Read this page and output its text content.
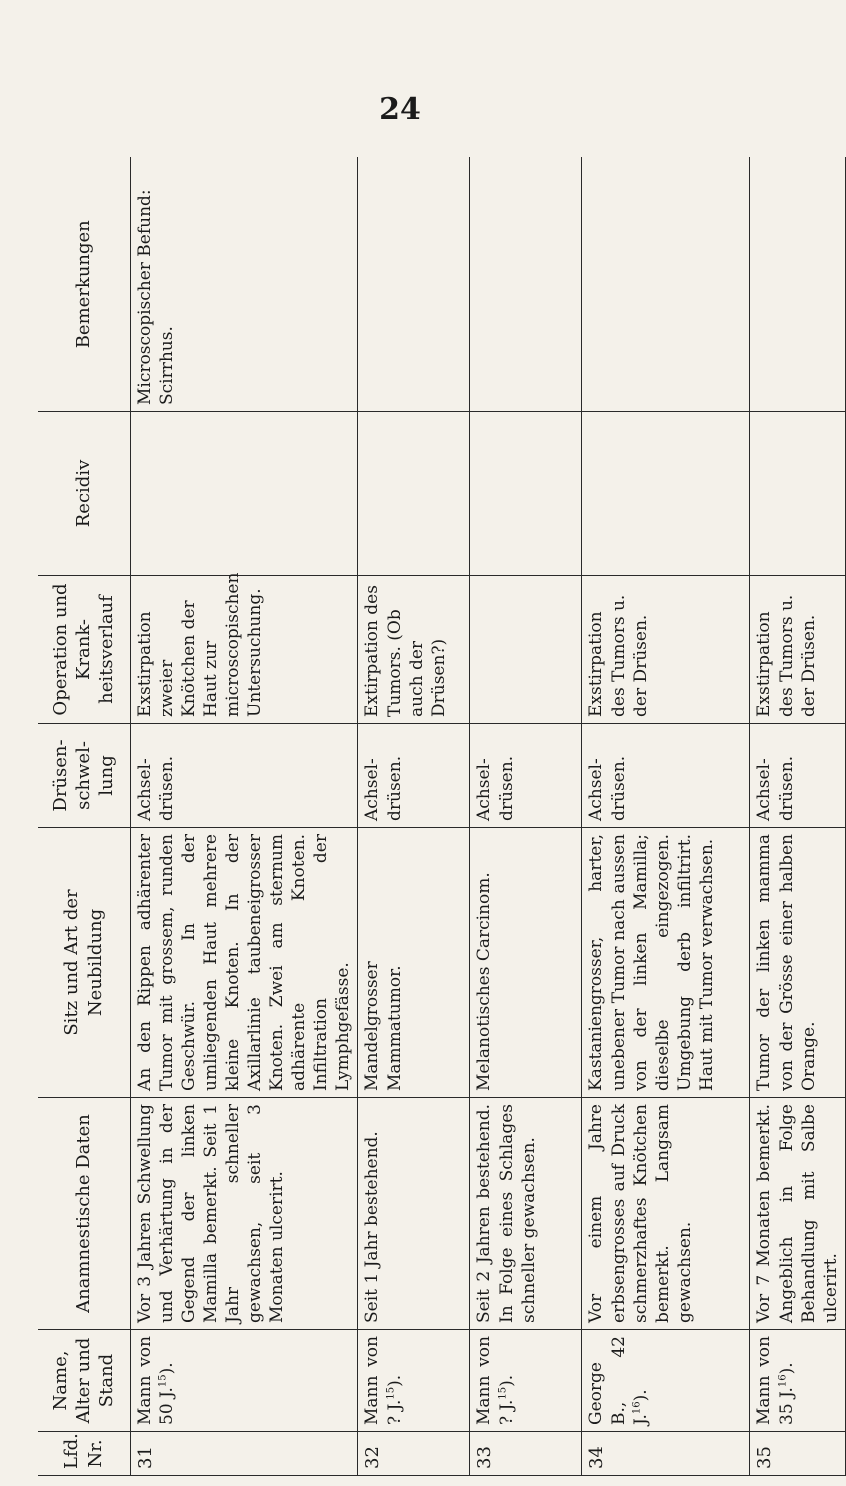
24
Lfd. Nr.	Name, Alter und Stand	Anamnestische Daten	Sitz und Art der Neubildung	Drüsen-schwel-lung	Operation und Krank-heitsverlauf	Recidiv	Bemerkungen
31	Mann von 50 J.$^{15}$).	Vor 3 Jahren Schwellung und Verhärtung in der Gegend der linken Mamilla bemerkt. Seit 1 Jahr schneller gewachsen, seit 3 Monaten ulcerirt.	An den Rippen adhärenter Tumor mit grossem, runden Geschwür. In der umliegenden Haut mehrere kleine Knoten. In der Axillarlinie taubeneigrosser Knoten. Zwei am sternum adhärente Knoten. Infiltration der Lymphgefässe.	Achsel-drüsen.	Exstirpation zweier Knötchen der Haut zur microscopischen Untersuchung.		Microscopischer Befund: Scirrhus.
32	Mann von ? J.$^{15}$).	Seit 1 Jahr bestehend.	Mandelgrosser Mammatumor.	Achsel-drüsen.	Extirpation des Tumors. (Ob auch der Drüsen?)		
33	Mann von ? J.$^{15}$).	Seit 2 Jahren bestehend. In Folge eines Schlages schneller gewachsen.	Melanotisches Carcinom.	Achsel-drüsen.			
34	George B., 42 J.$^{16}$).	Vor einem Jahre erbsengrosses auf Druck schmerzhaftes Knötchen bemerkt. Langsam gewachsen.	Kastaniengrosser, harter, unebener Tumor nach aussen von der linken Mamilla; dieselbe eingezogen. Umgebung derb infiltrirt. Haut mit Tumor verwachsen.	Achsel-drüsen.	Exstirpation des Tumors u. der Drüsen.		
35	Mann von 35 J.$^{16}$).	Vor 7 Monaten bemerkt. Angeblich in Folge Behandlung mit Salbe ulcerirt.	Tumor der linken mamma von der Grösse einer halben Orange.	Achsel-drüsen.	Exstirpation des Tumors u. der Drüsen.		
